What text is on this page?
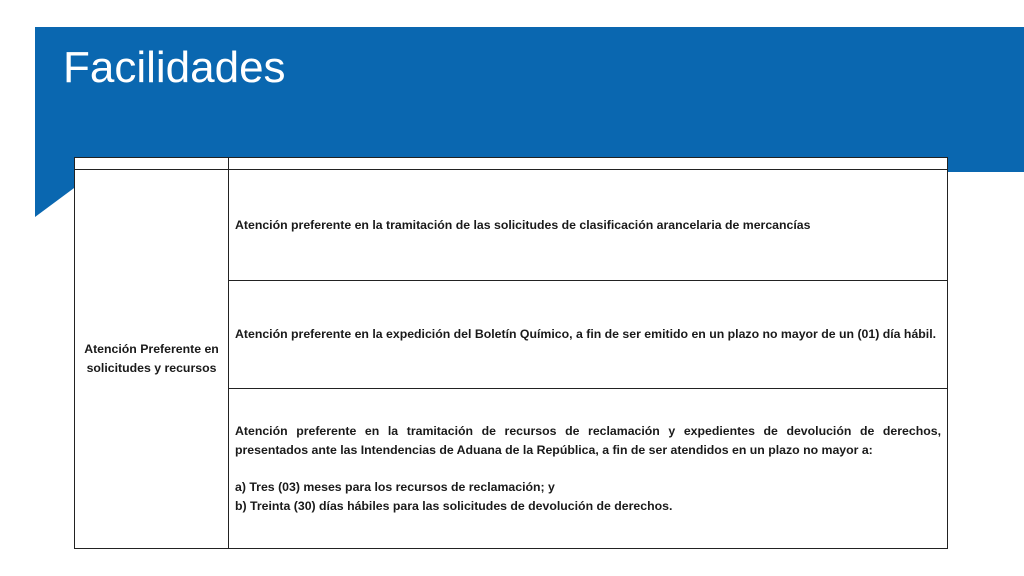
Facilidades

Atención Preferente en solicitudes y recursos	Atención preferente en la tramitación de las solicitudes de clasificación arancelaria de mercancías

	Atención preferente en la expedición del Boletín Químico, a fin de ser emitido en un plazo no mayor de un (01) día hábil.

	Atención preferente en la tramitación de recursos de reclamación y expedientes de devolución de derechos, presentados ante las Intendencias de Aduana de la República, a fin de ser atendidos en un plazo no mayor a:
a) Tres (03) meses para los recursos de reclamación; y
b) Treinta (30) días hábiles para las solicitudes de devolución de derechos.
